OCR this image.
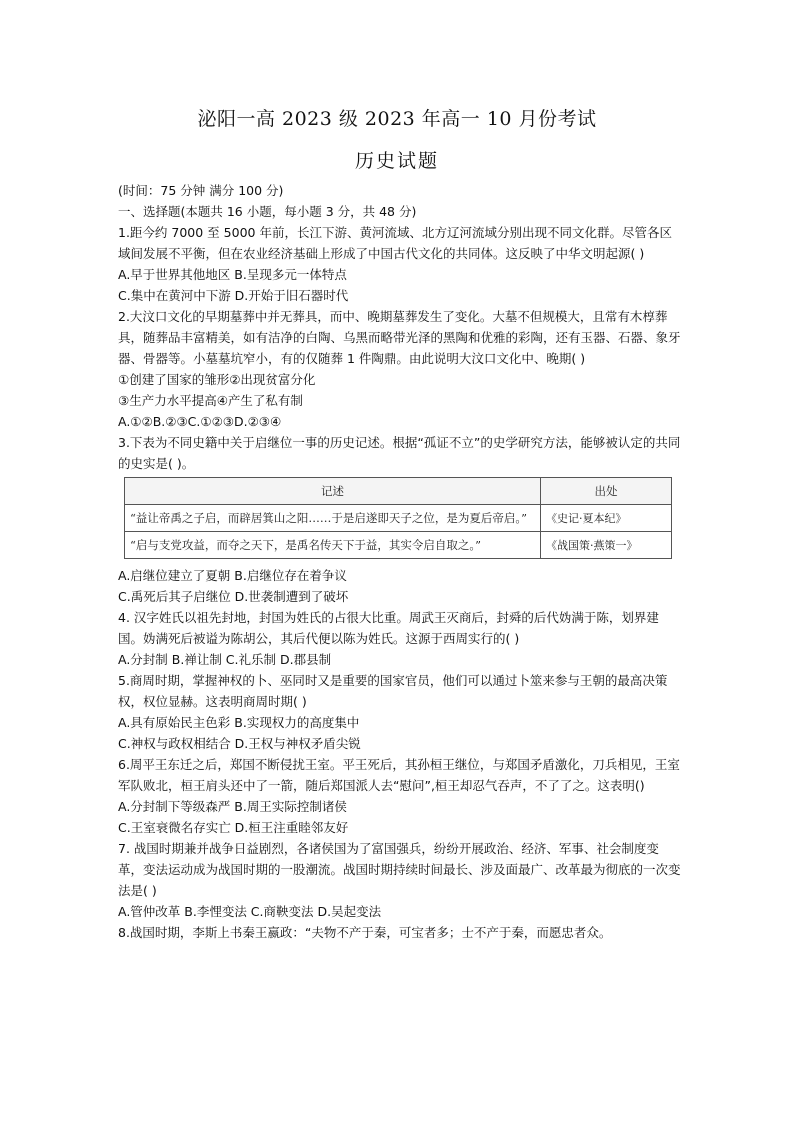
泌阳一高 2023 级 2023 年高一 10 月份考试
历史试题

(时间：75 分钟 满分 100 分)

一、选择题(本题共 16 小题，每小题 3 分，共 48 分)

1.距今约 7000 至 5000 年前，长江下游、黄河流域、北方辽河流域分别出现不同文化群。尽管各区域间发展不平衡，但在农业经济基础上形成了中国古代文化的共同体。这反映了中华文明起源( )

A.早于世界其他地区 B.呈现多元一体特点

C.集中在黄河中下游 D.开始于旧石器时代

2.大汶口文化的早期墓葬中并无葬具，而中、晚期墓葬发生了变化。大墓不但规模大，且常有木椁葬具，随葬品丰富精美，如有洁净的白陶、乌黑而略带光泽的黑陶和优雅的彩陶，还有玉器、石器、象牙器、骨器等。小墓墓坑窄小，有的仅随葬 1 件陶鼎。由此说明大汶口文化中、晚期( )

①创建了国家的雏形②出现贫富分化

③生产力水平提高④产生了私有制

A.①②B.②③C.①②③D.②③④

3.下表为不同史籍中关于启继位一事的历史记述。根据“孤证不立”的史学研究方法，能够被认定的共同的史实是( )。

记述	出处
“益让帝禹之子启，而辟居箕山之阳……于是启遂即天子之位，是为夏后帝启。”	《史记·夏本纪》
“启与支党攻益，而夺之天下，是禹名传天下于益，其实令启自取之。”	《战国策·燕策一》

A.启继位建立了夏朝 B.启继位存在着争议

C.禹死后其子启继位 D.世袭制遭到了破坏

4. 汉字姓氏以祖先封地，封国为姓氏的占很大比重。周武王灭商后，封舜的后代妫满于陈，划界建国。妫满死后被谥为陈胡公，其后代便以陈为姓氏。这源于西周实行的( )

A.分封制 B.禅让制 C.礼乐制 D.郡县制

5.商周时期，掌握神权的卜、巫同时又是重要的国家官员，他们可以通过卜筮来参与王朝的最高决策权，权位显赫。这表明商周时期( )

A.具有原始民主色彩 B.实现权力的高度集中

C.神权与政权相结合 D.王权与神权矛盾尖锐

6.周平王东迁之后，郑国不断侵扰王室。平王死后，其孙桓王继位，与郑国矛盾激化，刀兵相见，王室军队败北，桓王肩头还中了一箭，随后郑国派人去“慰问”,桓王却忍气吞声，不了了之。这表明()

A.分封制下等级森严 B.周王实际控制诸侯

C.王室衰微名存实亡 D.桓王注重睦邻友好

7. 战国时期兼并战争日益剧烈，各诸侯国为了富国强兵，纷纷开展政治、经济、军事、社会制度变革，变法运动成为战国时期的一股潮流。战国时期持续时间最长、涉及面最广、改革最为彻底的一次变法是( )

A.管仲改革 B.李悝变法 C.商鞅变法 D.吴起变法

8.战国时期，李斯上书秦王嬴政：“夫物不产于秦，可宝者多；士不产于秦，而愿忠者众。
